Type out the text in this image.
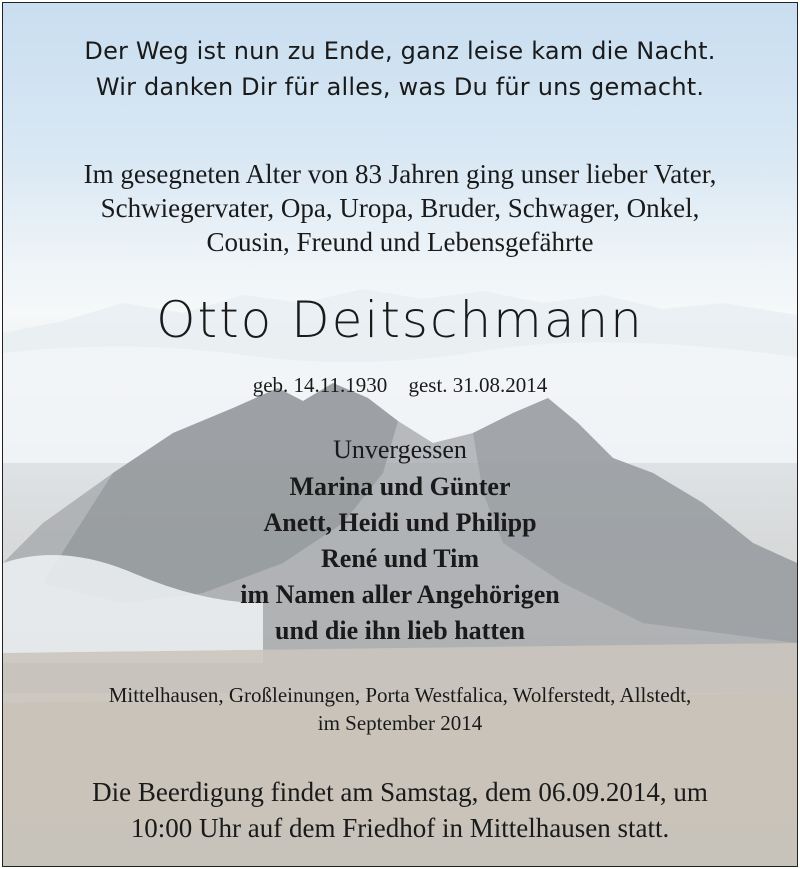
Der Weg ist nun zu Ende, ganz leise kam die Nacht.
Wir danken Dir für alles, was Du für uns gemacht.
Im gesegneten Alter von 83 Jahren ging unser lieber Vater,
Schwiegervater, Opa, Uropa, Bruder, Schwager, Onkel,
Cousin, Freund und Lebensgefährte
Otto Deitschmann
geb. 14.11.1930 gest. 31.08.2014
Unvergessen
Marina und Günter
Anett, Heidi und Philipp
René und Tim
im Namen aller Angehörigen
und die ihn lieb hatten
Mittelhausen, Großleinungen, Porta Westfalica, Wolferstedt, Allstedt,
im September 2014
Die Beerdigung findet am Samstag, dem 06.09.2014, um
10:00 Uhr auf dem Friedhof in Mittelhausen statt.
